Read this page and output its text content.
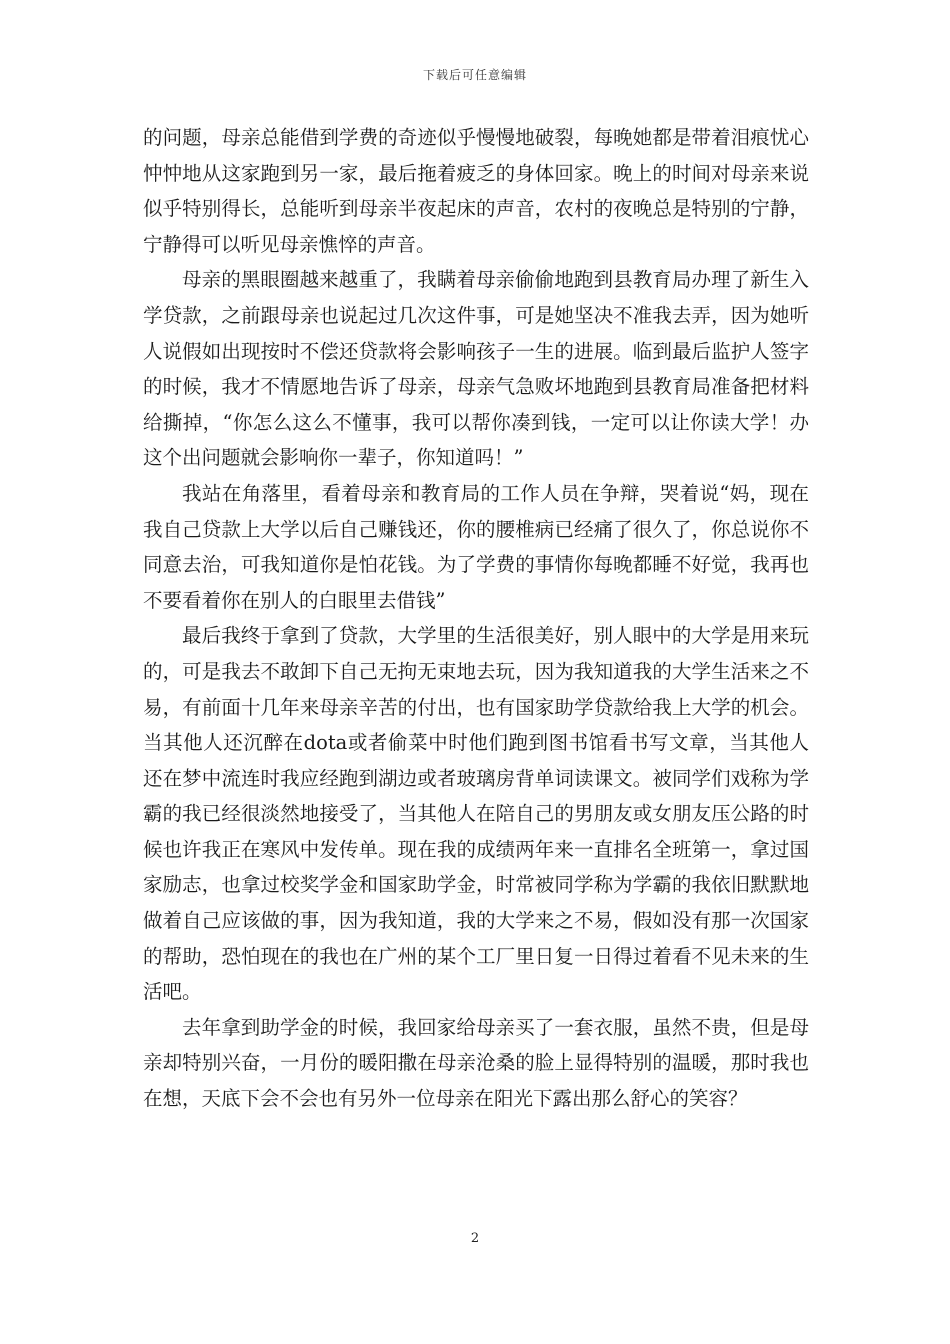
下载后可任意编辑

的问题，母亲总能借到学费的奇迹似乎慢慢地破裂，每晚她都是带着泪痕忧心忡忡地从这家跑到另一家，最后拖着疲乏的身体回家。晚上的时间对母亲来说似乎特别得长，总能听到母亲半夜起床的声音，农村的夜晚总是特别的宁静，宁静得可以听见母亲憔悴的声音。

母亲的黑眼圈越来越重了，我瞒着母亲偷偷地跑到县教育局办理了新生入学贷款，之前跟母亲也说起过几次这件事，可是她坚决不准我去弄，因为她听人说假如出现按时不偿还贷款将会影响孩子一生的进展。临到最后监护人签字的时候，我才不情愿地告诉了母亲，母亲气急败坏地跑到县教育局准备把材料给撕掉，“你怎么这么不懂事，我可以帮你凑到钱，一定可以让你读大学！办这个出问题就会影响你一辈子，你知道吗！”

我站在角落里，看着母亲和教育局的工作人员在争辩，哭着说“妈，现在我自己贷款上大学以后自己赚钱还，你的腰椎病已经痛了很久了，你总说你不同意去治，可我知道你是怕花钱。为了学费的事情你每晚都睡不好觉，我再也不要看着你在别人的白眼里去借钱”

最后我终于拿到了贷款，大学里的生活很美好，别人眼中的大学是用来玩的，可是我去不敢卸下自己无拘无束地去玩，因为我知道我的大学生活来之不易，有前面十几年来母亲辛苦的付出，也有国家助学贷款给我上大学的机会。当其他人还沉醉在dota或者偷菜中时他们跑到图书馆看书写文章，当其他人还在梦中流连时我应经跑到湖边或者玻璃房背单词读课文。被同学们戏称为学霸的我已经很淡然地接受了，当其他人在陪自己的男朋友或女朋友压公路的时候也许我正在寒风中发传单。现在我的成绩两年来一直排名全班第一，拿过国家励志，也拿过校奖学金和国家助学金，时常被同学称为学霸的我依旧默默地做着自己应该做的事，因为我知道，我的大学来之不易，假如没有那一次国家的帮助，恐怕现在的我也在广州的某个工厂里日复一日得过着看不见未来的生活吧。

去年拿到助学金的时候，我回家给母亲买了一套衣服，虽然不贵，但是母亲却特别兴奋，一月份的暖阳撒在母亲沧桑的脸上显得特别的温暖，那时我也在想，天底下会不会也有另外一位母亲在阳光下露出那么舒心的笑容？

2
